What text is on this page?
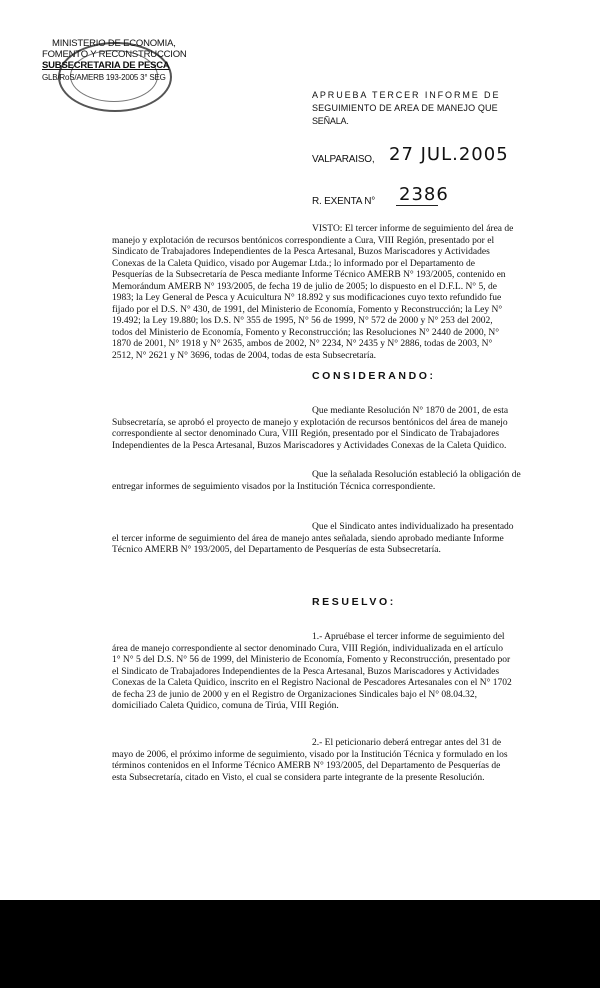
MINISTERIO DE ECONOMIA,
FOMENTO Y RECONSTRUCCION
SUBSECRETARIA DE PESCA
GLB/RoS/AMERB 193-2005 3° SEG
APRUEBA TERCER INFORME DE
SEGUIMIENTO DE AREA DE MANEJO QUE
SEÑALA.
VALPARAISO, 27 JUL.2005
R. EXENTA N° 2386
VISTO: El tercer informe de seguimiento del área de
manejo y explotación de recursos bentónicos correspondiente a Cura, VIII Región, presentado por el
Sindicato de Trabajadores Independientes de la Pesca Artesanal, Buzos Mariscadores y Actividades
Conexas de la Caleta Quidico, visado por Augemar Ltda.; lo informado por el Departamento de
Pesquerías de la Subsecretaría de Pesca mediante Informe Técnico AMERB N° 193/2005, contenido en
Memorándum AMERB N° 193/2005, de fecha 19 de julio de 2005; lo dispuesto en el D.F.L. N° 5, de
1983; la Ley General de Pesca y Acuicultura N° 18.892 y sus modificaciones cuyo texto refundido fue
fijado por el D.S. N° 430, de 1991, del Ministerio de Economía, Fomento y Reconstrucción; la Ley N°
19.492; la Ley 19.880; los D.S. N° 355 de 1995, N° 56 de 1999, N° 572 de 2000 y N° 253 del 2002,
todos del Ministerio de Economía, Fomento y Reconstrucción; las Resoluciones N° 2440 de 2000, N°
1870 de 2001, N° 1918 y N° 2635, ambos de 2002, N° 2234, N° 2435 y N° 2886, todas de 2003, N°
2512, N° 2621 y N° 3696, todas de 2004, todas de esta Subsecretaría.
CONSIDERANDO:
Que mediante Resolución N° 1870 de 2001, de esta
Subsecretaría, se aprobó el proyecto de manejo y explotación de recursos bentónicos del área de manejo
correspondiente al sector denominado Cura, VIII Región, presentado por el Sindicato de Trabajadores
Independientes de la Pesca Artesanal, Buzos Mariscadores y Actividades Conexas de la Caleta Quidico.
Que la señalada Resolución estableció la obligación de
entregar informes de seguimiento visados por la Institución Técnica correspondiente.
Que el Sindicato antes individualizado ha presentado
el tercer informe de seguimiento del área de manejo antes señalada, siendo aprobado mediante Informe
Técnico AMERB N° 193/2005, del Departamento de Pesquerías de esta Subsecretaría.
RESUELVO:
1.- Apruébase el tercer informe de seguimiento del
área de manejo correspondiente al sector denominado Cura, VIII Región, individualizada en el artículo
1° N° 5 del D.S. N° 56 de 1999, del Ministerio de Economía, Fomento y Reconstrucción, presentado por
el Sindicato de Trabajadores Independientes de la Pesca Artesanal, Buzos Mariscadores y Actividades
Conexas de la Caleta Quidico, inscrito en el Registro Nacional de Pescadores Artesanales con el N° 1702
de fecha 23 de junio de 2000 y en el Registro de Organizaciones Sindicales bajo el N° 08.04.32,
domiciliado Caleta Quidico, comuna de Tirúa, VIII Región.
2.- El peticionario deberá entregar antes del 31 de
mayo de 2006, el próximo informe de seguimiento, visado por la Institución Técnica y formulado en los
términos contenidos en el Informe Técnico AMERB N° 193/2005, del Departamento de Pesquerías de
esta Subsecretaría, citado en Visto, el cual se considera parte integrante de la presente Resolución.
